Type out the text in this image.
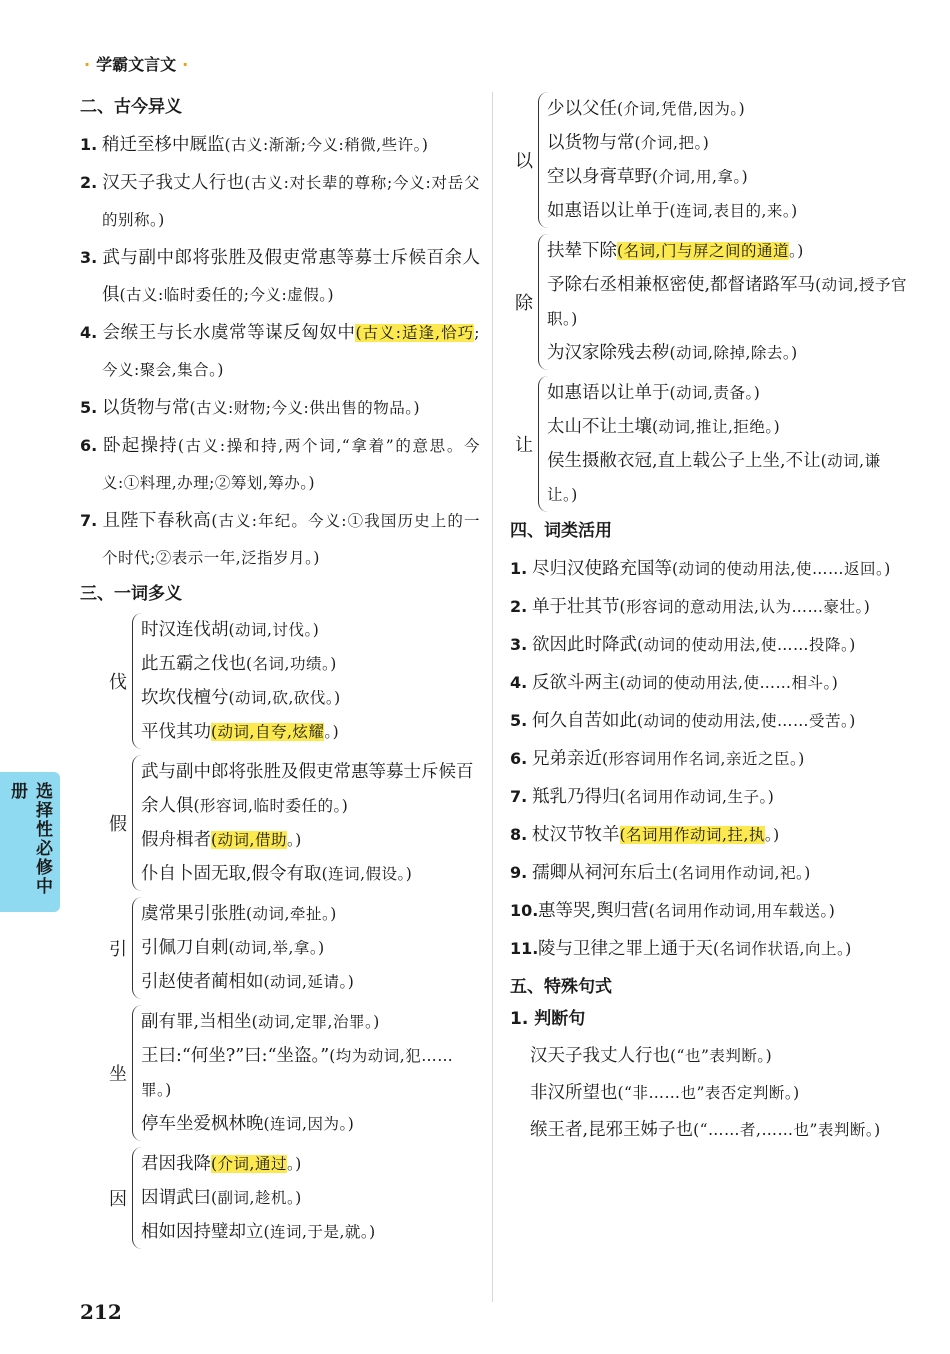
· 学霸文言文 ·
选择性必修中册
二、古今异义
1. 稍迁至栘中厩监(古义:渐渐;今义:稍微,些许。)
2. 汉天子我丈人行也(古义:对长辈的尊称;今义:对岳父的别称。)
3. 武与副中郎将张胜及假吏常惠等募士斥候百余人俱(古义:临时委任的;今义:虚假。)
4. 会缑王与长水虞常等谋反匈奴中(古义:适逢,恰巧;今义:聚会,集合。)
5. 以货物与常(古义:财物;今义:供出售的物品。)
6. 卧起操持(古义:操和持,两个词,“拿着”的意思。今义:①料理,办理;②筹划,筹办。)
7. 且陛下春秋高(古义:年纪。今义:①我国历史上的一个时代;②表示一年,泛指岁月。)
三、一词多义
伐
时汉连伐胡(动词,讨伐。)
此五霸之伐也(名词,功绩。)
坎坎伐檀兮(动词,砍,砍伐。)
平伐其功(动词,自夸,炫耀。)
假
武与副中郎将张胜及假吏常惠等募士斥候百余人俱(形容词,临时委任的。)
假舟楫者(动词,借助。)
仆自卜固无取,假令有取(连词,假设。)
引
虞常果引张胜(动词,牵扯。)
引佩刀自刺(动词,举,拿。)
引赵使者蔺相如(动词,延请。)
坐
副有罪,当相坐(动词,定罪,治罪。)
王曰:“何坐?”曰:“坐盗。”(均为动词,犯……罪。)
停车坐爱枫林晚(连词,因为。)
因
君因我降(介词,通过。)
因谓武曰(副词,趁机。)
相如因持璧却立(连词,于是,就。)
以
少以父任(介词,凭借,因为。)
以货物与常(介词,把。)
空以身膏草野(介词,用,拿。)
如惠语以让单于(连词,表目的,来。)
除
扶辇下除(名词,门与屏之间的通道。)
予除右丞相兼枢密使,都督诸路军马(动词,授予官职。)
为汉家除残去秽(动词,除掉,除去。)
让
如惠语以让单于(动词,责备。)
太山不让土壤(动词,推让,拒绝。)
侯生摄敝衣冠,直上载公子上坐,不让(动词,谦让。)
四、词类活用
1. 尽归汉使路充国等(动词的使动用法,使……返回。)
2. 单于壮其节(形容词的意动用法,认为……豪壮。)
3. 欲因此时降武(动词的使动用法,使……投降。)
4. 反欲斗两主(动词的使动用法,使……相斗。)
5. 何久自苦如此(动词的使动用法,使……受苦。)
6. 兄弟亲近(形容词用作名词,亲近之臣。)
7. 羝乳乃得归(名词用作动词,生子。)
8. 杖汉节牧羊(名词用作动词,拄,执。)
9. 孺卿从祠河东后土(名词用作动词,祀。)
10.惠等哭,舆归营(名词用作动词,用车载送。)
11.陵与卫律之罪上通于天(名词作状语,向上。)
五、特殊句式
1. 判断句
汉天子我丈人行也(“也”表判断。)
非汉所望也(“非……也”表否定判断。)
缑王者,昆邪王姊子也(“……者,……也”表判断。)
212
